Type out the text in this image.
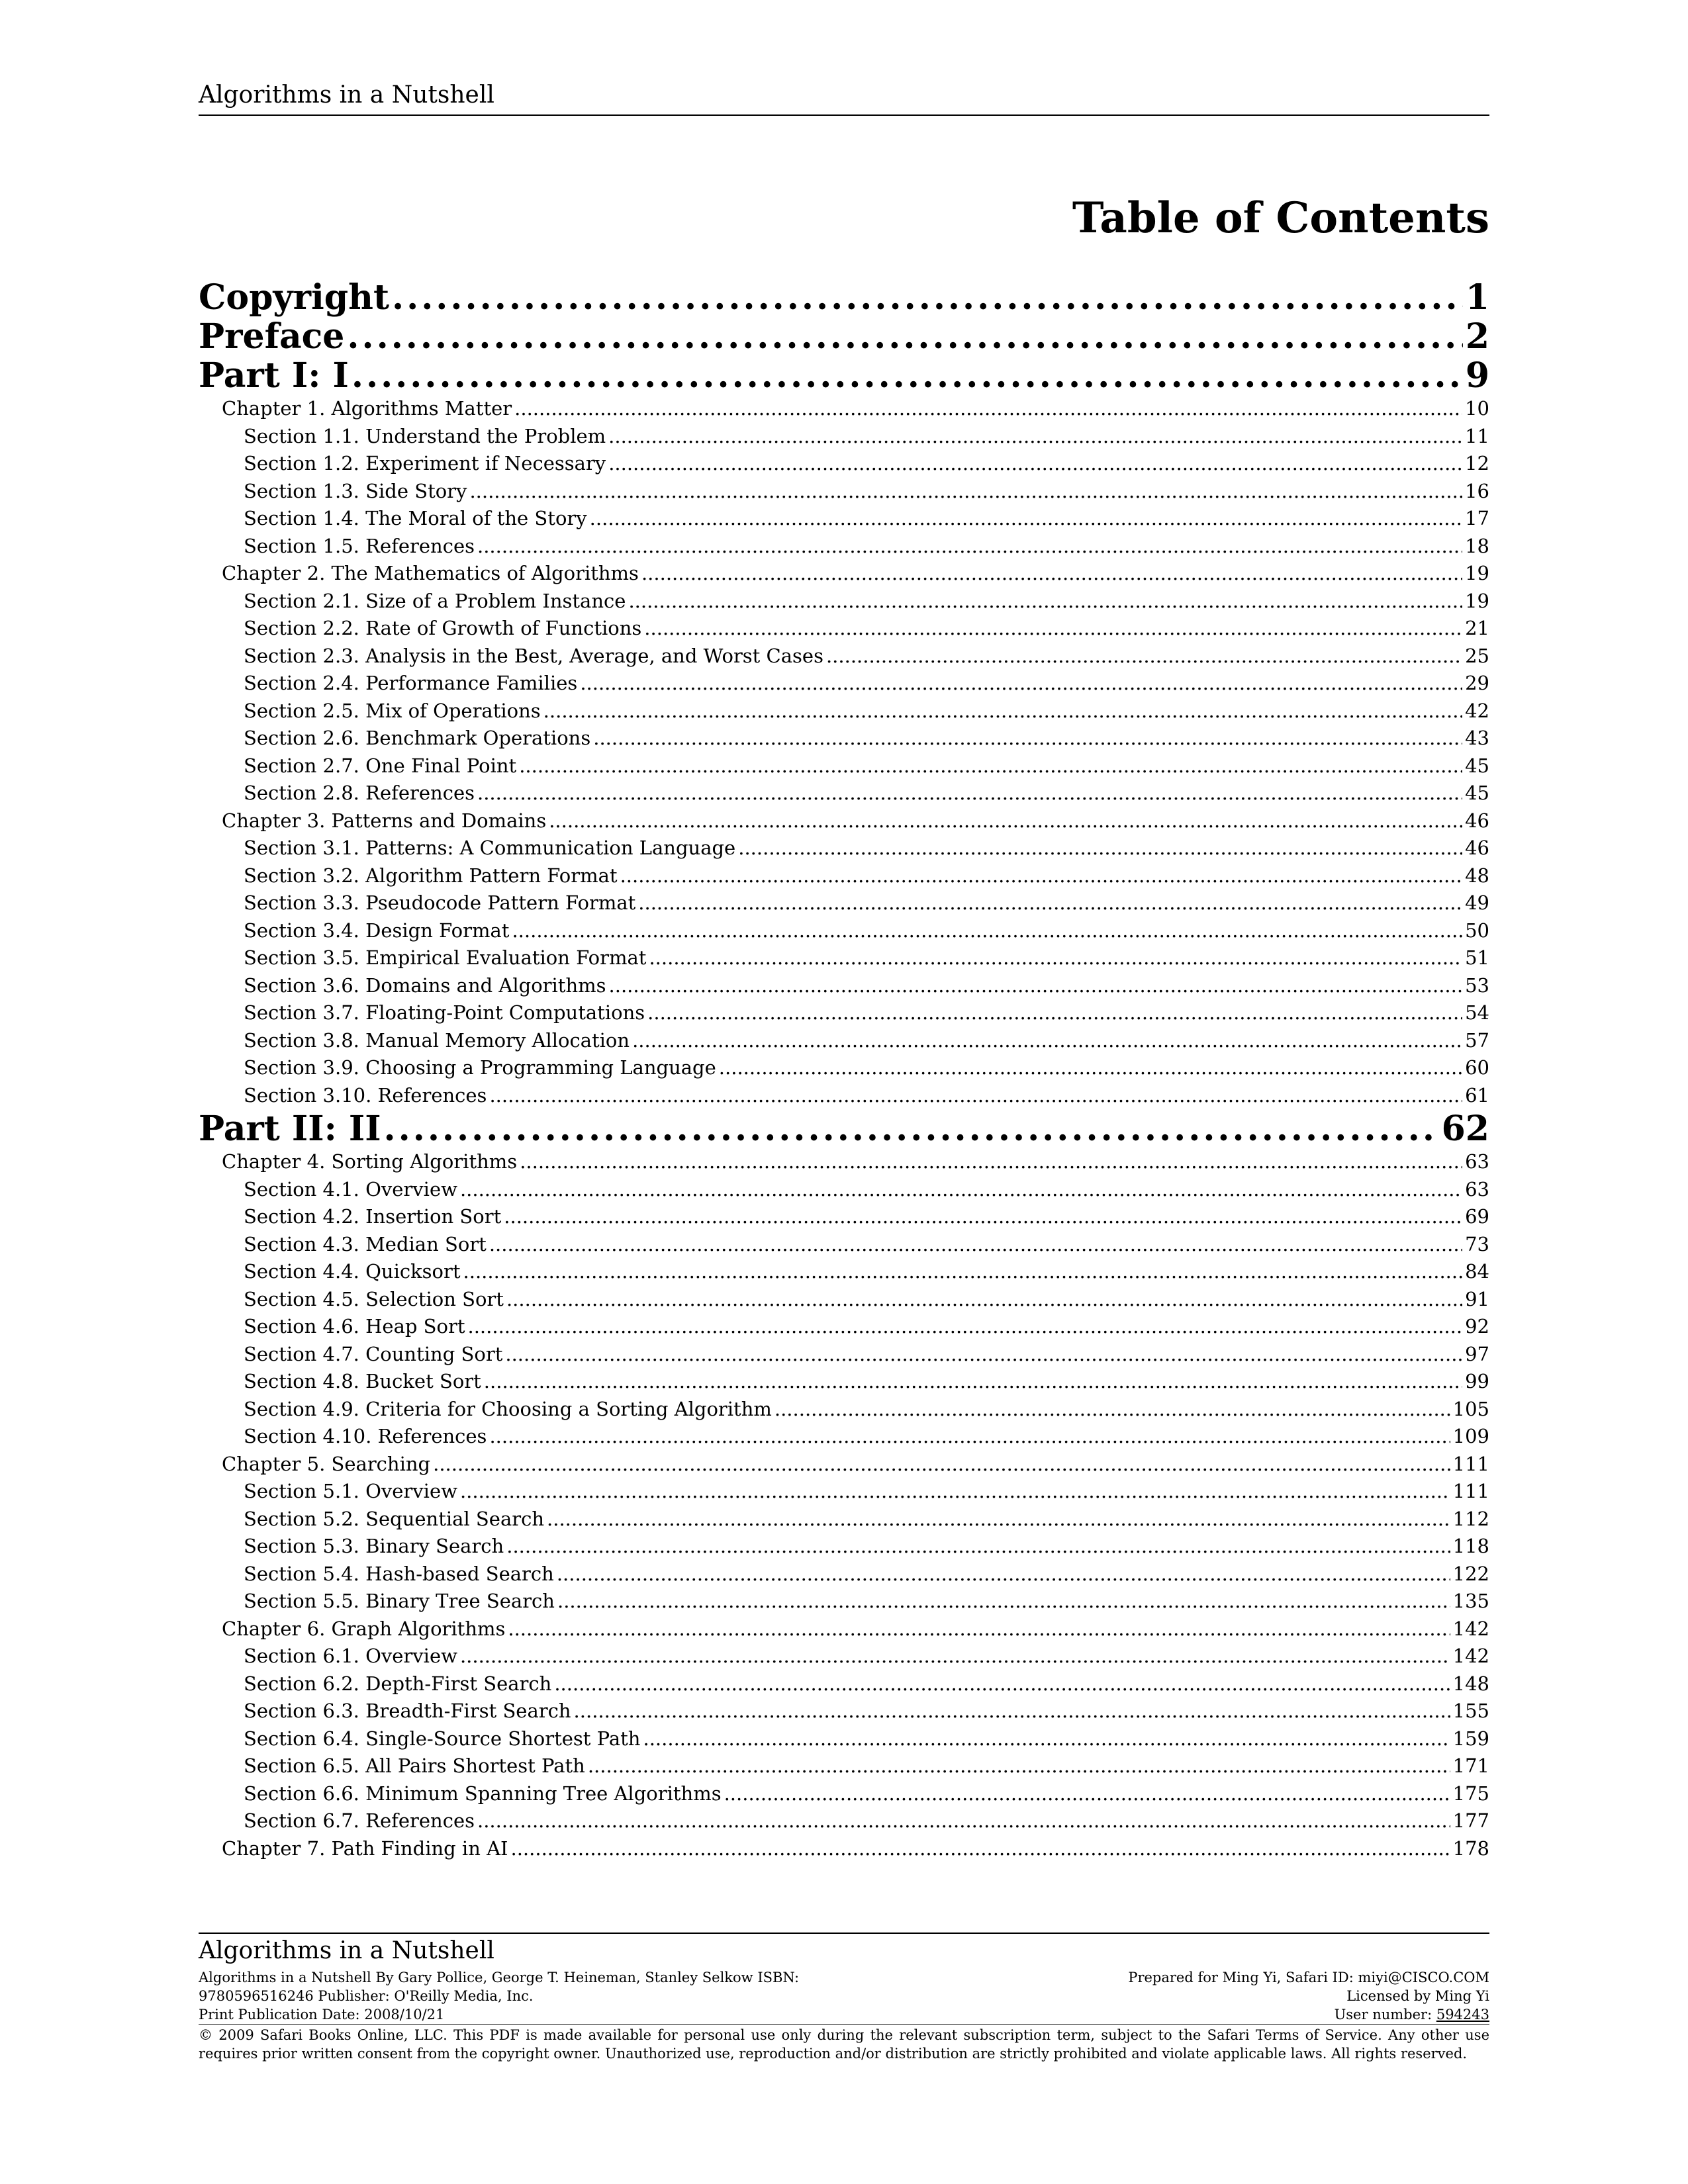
Algorithms in a Nutshell
Table of Contents
Copyright .....	1
Preface .....	2
Part I: I .....	9
Chapter 1. Algorithms Matter .....	10
Section 1.1. Understand the Problem .....	11
Section 1.2. Experiment if Necessary .....	12
Section 1.3. Side Story .....	16
Section 1.4. The Moral of the Story .....	17
Section 1.5. References .....	18
Chapter 2. The Mathematics of Algorithms .....	19
Section 2.1. Size of a Problem Instance .....	19
Section 2.2. Rate of Growth of Functions .....	21
Section 2.3. Analysis in the Best, Average, and Worst Cases .....	25
Section 2.4. Performance Families .....	29
Section 2.5. Mix of Operations .....	42
Section 2.6. Benchmark Operations .....	43
Section 2.7. One Final Point .....	45
Section 2.8. References .....	45
Chapter 3. Patterns and Domains .....	46
Section 3.1. Patterns: A Communication Language .....	46
Section 3.2. Algorithm Pattern Format .....	48
Section 3.3. Pseudocode Pattern Format .....	49
Section 3.4. Design Format .....	50
Section 3.5. Empirical Evaluation Format .....	51
Section 3.6. Domains and Algorithms .....	53
Section 3.7. Floating-Point Computations .....	54
Section 3.8. Manual Memory Allocation .....	57
Section 3.9. Choosing a Programming Language .....	60
Section 3.10. References .....	61
Part II: II .....	62
Chapter 4. Sorting Algorithms .....	63
Section 4.1. Overview .....	63
Section 4.2. Insertion Sort .....	69
Section 4.3. Median Sort .....	73
Section 4.4. Quicksort .....	84
Section 4.5. Selection Sort .....	91
Section 4.6. Heap Sort .....	92
Section 4.7. Counting Sort .....	97
Section 4.8. Bucket Sort .....	99
Section 4.9. Criteria for Choosing a Sorting Algorithm .....	105
Section 4.10. References .....	109
Chapter 5. Searching .....	111
Section 5.1. Overview .....	111
Section 5.2. Sequential Search .....	112
Section 5.3. Binary Search .....	118
Section 5.4. Hash-based Search .....	122
Section 5.5. Binary Tree Search .....	135
Chapter 6. Graph Algorithms .....	142
Section 6.1. Overview .....	142
Section 6.2. Depth-First Search .....	148
Section 6.3. Breadth-First Search .....	155
Section 6.4. Single-Source Shortest Path .....	159
Section 6.5. All Pairs Shortest Path .....	171
Section 6.6. Minimum Spanning Tree Algorithms .....	175
Section 6.7. References .....	177
Chapter 7. Path Finding in AI .....	178
Algorithms in a Nutshell
Algorithms in a Nutshell By Gary Pollice, George T. Heineman, Stanley Selkow ISBN:
9780596516246 Publisher: O'Reilly Media, Inc.
Print Publication Date: 2008/10/21
Prepared for Ming Yi, Safari ID: miyi@CISCO.COM
Licensed by Ming Yi
User number: 594243
© 2009 Safari Books Online, LLC. This PDF is made available for personal use only during the relevant subscription term, subject to the Safari Terms of Service. Any other use requires prior written consent from the copyright owner. Unauthorized use, reproduction and/or distribution are strictly prohibited and violate applicable laws. All rights reserved.
